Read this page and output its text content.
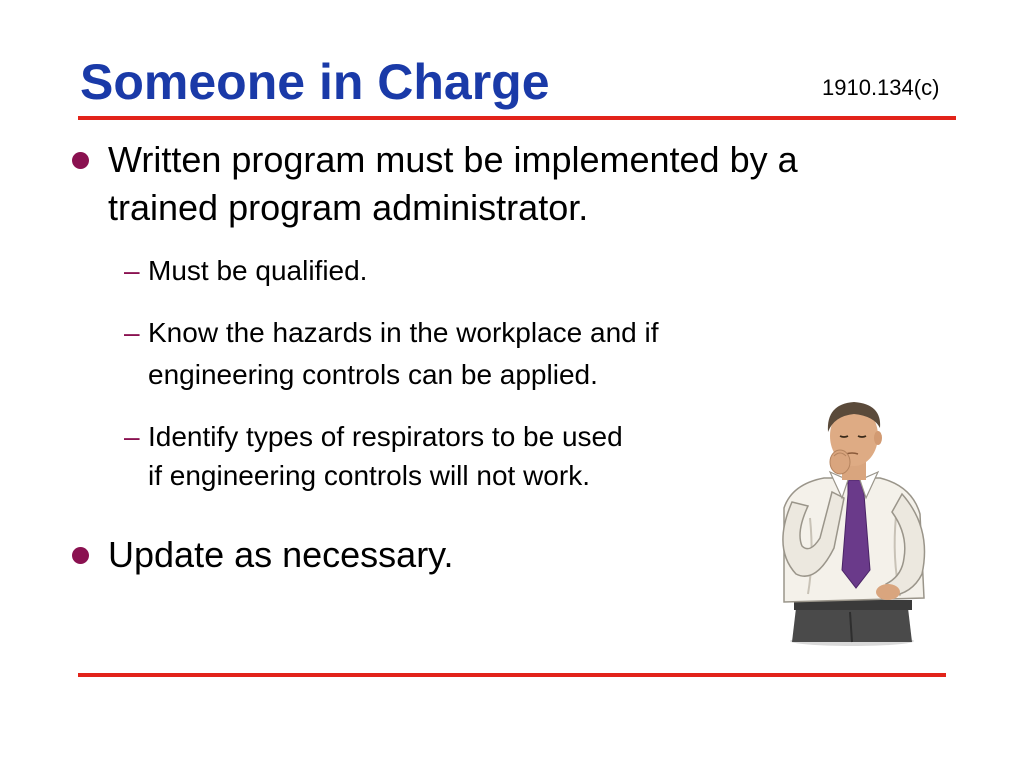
Someone in Charge	1910.134(c)
Written program must be implemented by a
trained program administrator.
– Must be qualified.
– Know the hazards in the workplace and if
engineering controls can be applied.
– Identify types of respirators to be used
if engineering controls will not work.
Update as necessary.
